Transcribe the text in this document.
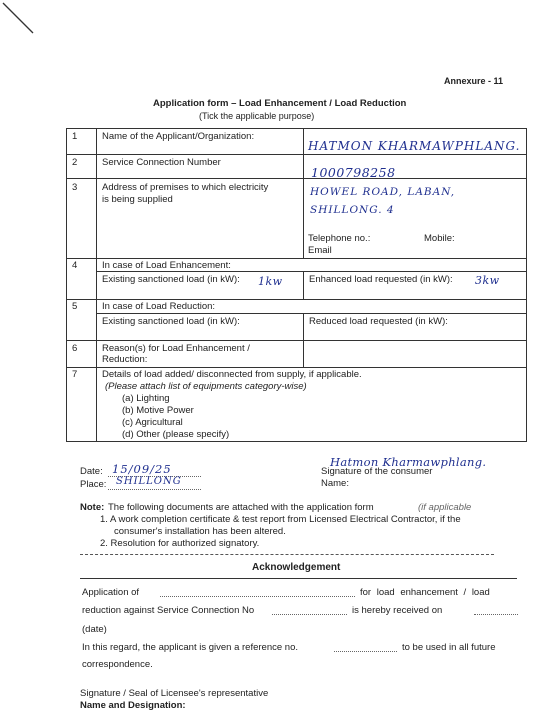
Annexure - 11
Application form – Load Enhancement / Load Reduction
(Tick the applicable purpose)
1	Name of the Applicant/Organization:
HATMON KHARMAWPHLANG.
2	Service Connection Number
1000798258
3	Address of premises to which electricity
is being supplied
HOWEL ROAD, LABAN,
SHILLONG. 4
Telephone no.:	Mobile:
Email
4	In case of Load Enhancement:
Existing sanctioned load (in kW): 1kw	Enhanced load requested (in kW): 3kw
5	In case of Load Reduction:
Existing sanctioned load (in kW):	Reduced load requested (in kW):
6	Reason(s) for Load Enhancement /
Reduction:
7	Details of load added/ disconnected from supply, if applicable.
(Please attach list of equipments category-wise)
(a) Lighting
(b) Motive Power
(c) Agricultural
(d) Other (please specify)
Date: 15/09/25
Place: SHILLONG
Signature of the consumer
Hatmon Kharmawphlang.
Name:
Note: The following documents are attached with the application form	(if applicable
1. A work completion certificate & test report from Licensed Electrical Contractor, if the
consumer's installation has been altered.
2. Resolution for authorized signatory.
Acknowledgement
Application of	for load enhancement / load
reduction against Service Connection No	is hereby received on
(date)
In this regard, the applicant is given a reference no.	to be used in all future
correspondence.
Signature / Seal of Licensee's representative
Name and Designation:
